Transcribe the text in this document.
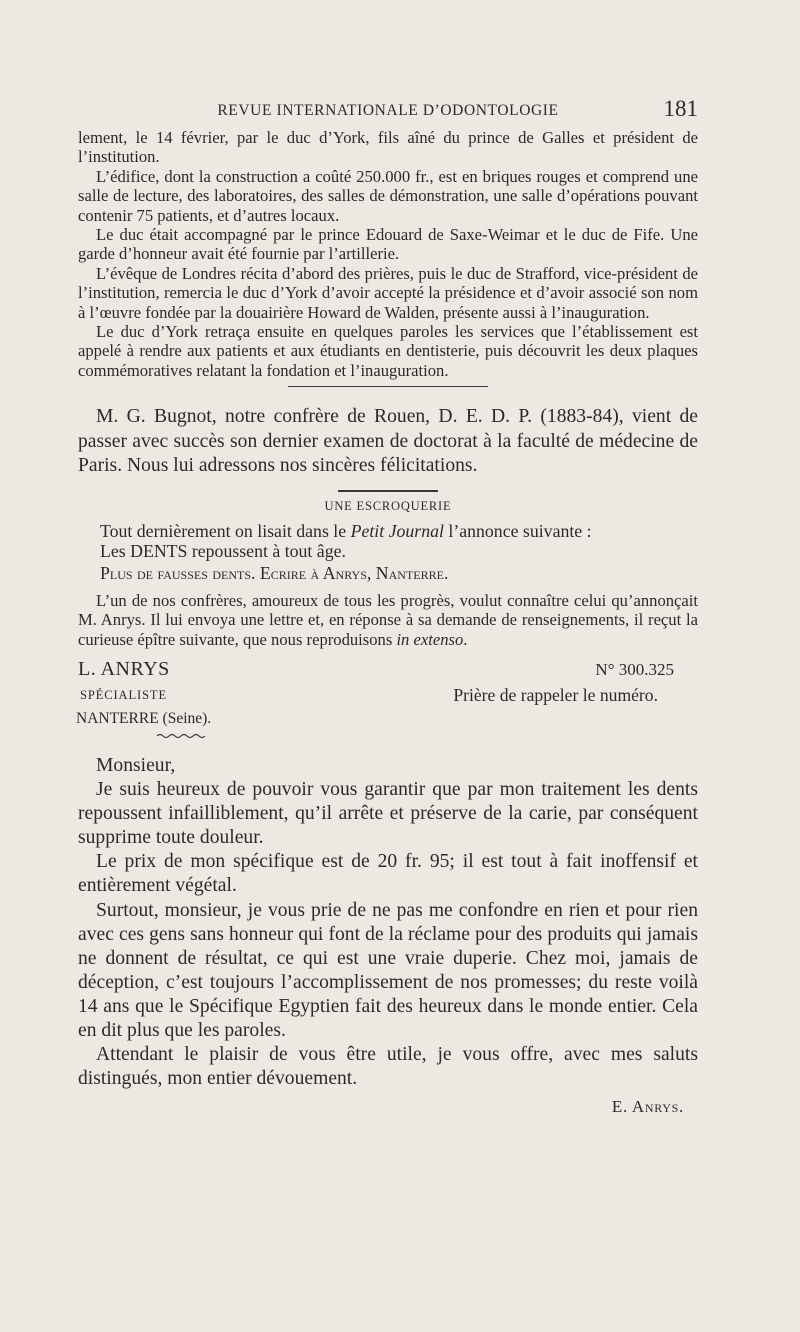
REVUE INTERNATIONALE D’ODONTOLOGIE	181

lement, le 14 février, par le duc d’York, fils aîné du prince de Galles et président de l’institution.

L’édifice, dont la construction a coûté 250.000 fr., est en briques rouges et comprend une salle de lecture, des laboratoires, des salles de démonstration, une salle d’opérations pouvant contenir 75 patients, et d’autres locaux.

Le duc était accompagné par le prince Edouard de Saxe-Weimar et le duc de Fife. Une garde d’honneur avait été fournie par l’artillerie.

L’évêque de Londres récita d’abord des prières, puis le duc de Strafford, vice-président de l’institution, remercia le duc d’York d’avoir accepté la présidence et d’avoir associé son nom à l’œuvre fondée par la douairière Howard de Walden, présente aussi à l’inauguration.

Le duc d’York retraça ensuite en quelques paroles les services que l’établissement est appelé à rendre aux patients et aux étudiants en dentisterie, puis découvrit les deux plaques commémoratives relatant la fondation et l’inauguration.

M. G. Bugnot, notre confrère de Rouen, D. E. D. P. (1883-84), vient de passer avec succès son dernier examen de doctorat à la faculté de médecine de Paris. Nous lui adressons nos sincères félicitations.

UNE ESCROQUERIE

Tout dernièrement on lisait dans le Petit Journal l’annonce suivante :

Les DENTS repoussent à tout âge.

Plus de fausses dents. Ecrire à Anrys, Nanterre.

L’un de nos confrères, amoureux de tous les progrès, voulut connaître celui qu’annonçait M. Anrys. Il lui envoya une lettre et, en réponse à sa demande de renseignements, il reçut la curieuse épître suivante, que nous reproduisons in extenso.

L. ANRYS
SPÉCIALISTE
NANTERRE (Seine).
N° 300.325
Prière de rappeler le numéro.

Monsieur,

Je suis heureux de pouvoir vous garantir que par mon traitement les dents repoussent infailliblement, qu’il arrête et préserve de la carie, par conséquent supprime toute douleur.

Le prix de mon spécifique est de 20 fr. 95; il est tout à fait inoffensif et entièrement végétal.

Surtout, monsieur, je vous prie de ne pas me confondre en rien et pour rien avec ces gens sans honneur qui font de la réclame pour des produits qui jamais ne donnent de résultat, ce qui est une vraie duperie. Chez moi, jamais de déception, c’est toujours l’accomplissement de nos promesses; du reste voilà 14 ans que le Spécifique Egyptien fait des heureux dans le monde entier. Cela en dit plus que les paroles.

Attendant le plaisir de vous être utile, je vous offre, avec mes saluts distingués, mon entier dévouement.

E. Anrys.
